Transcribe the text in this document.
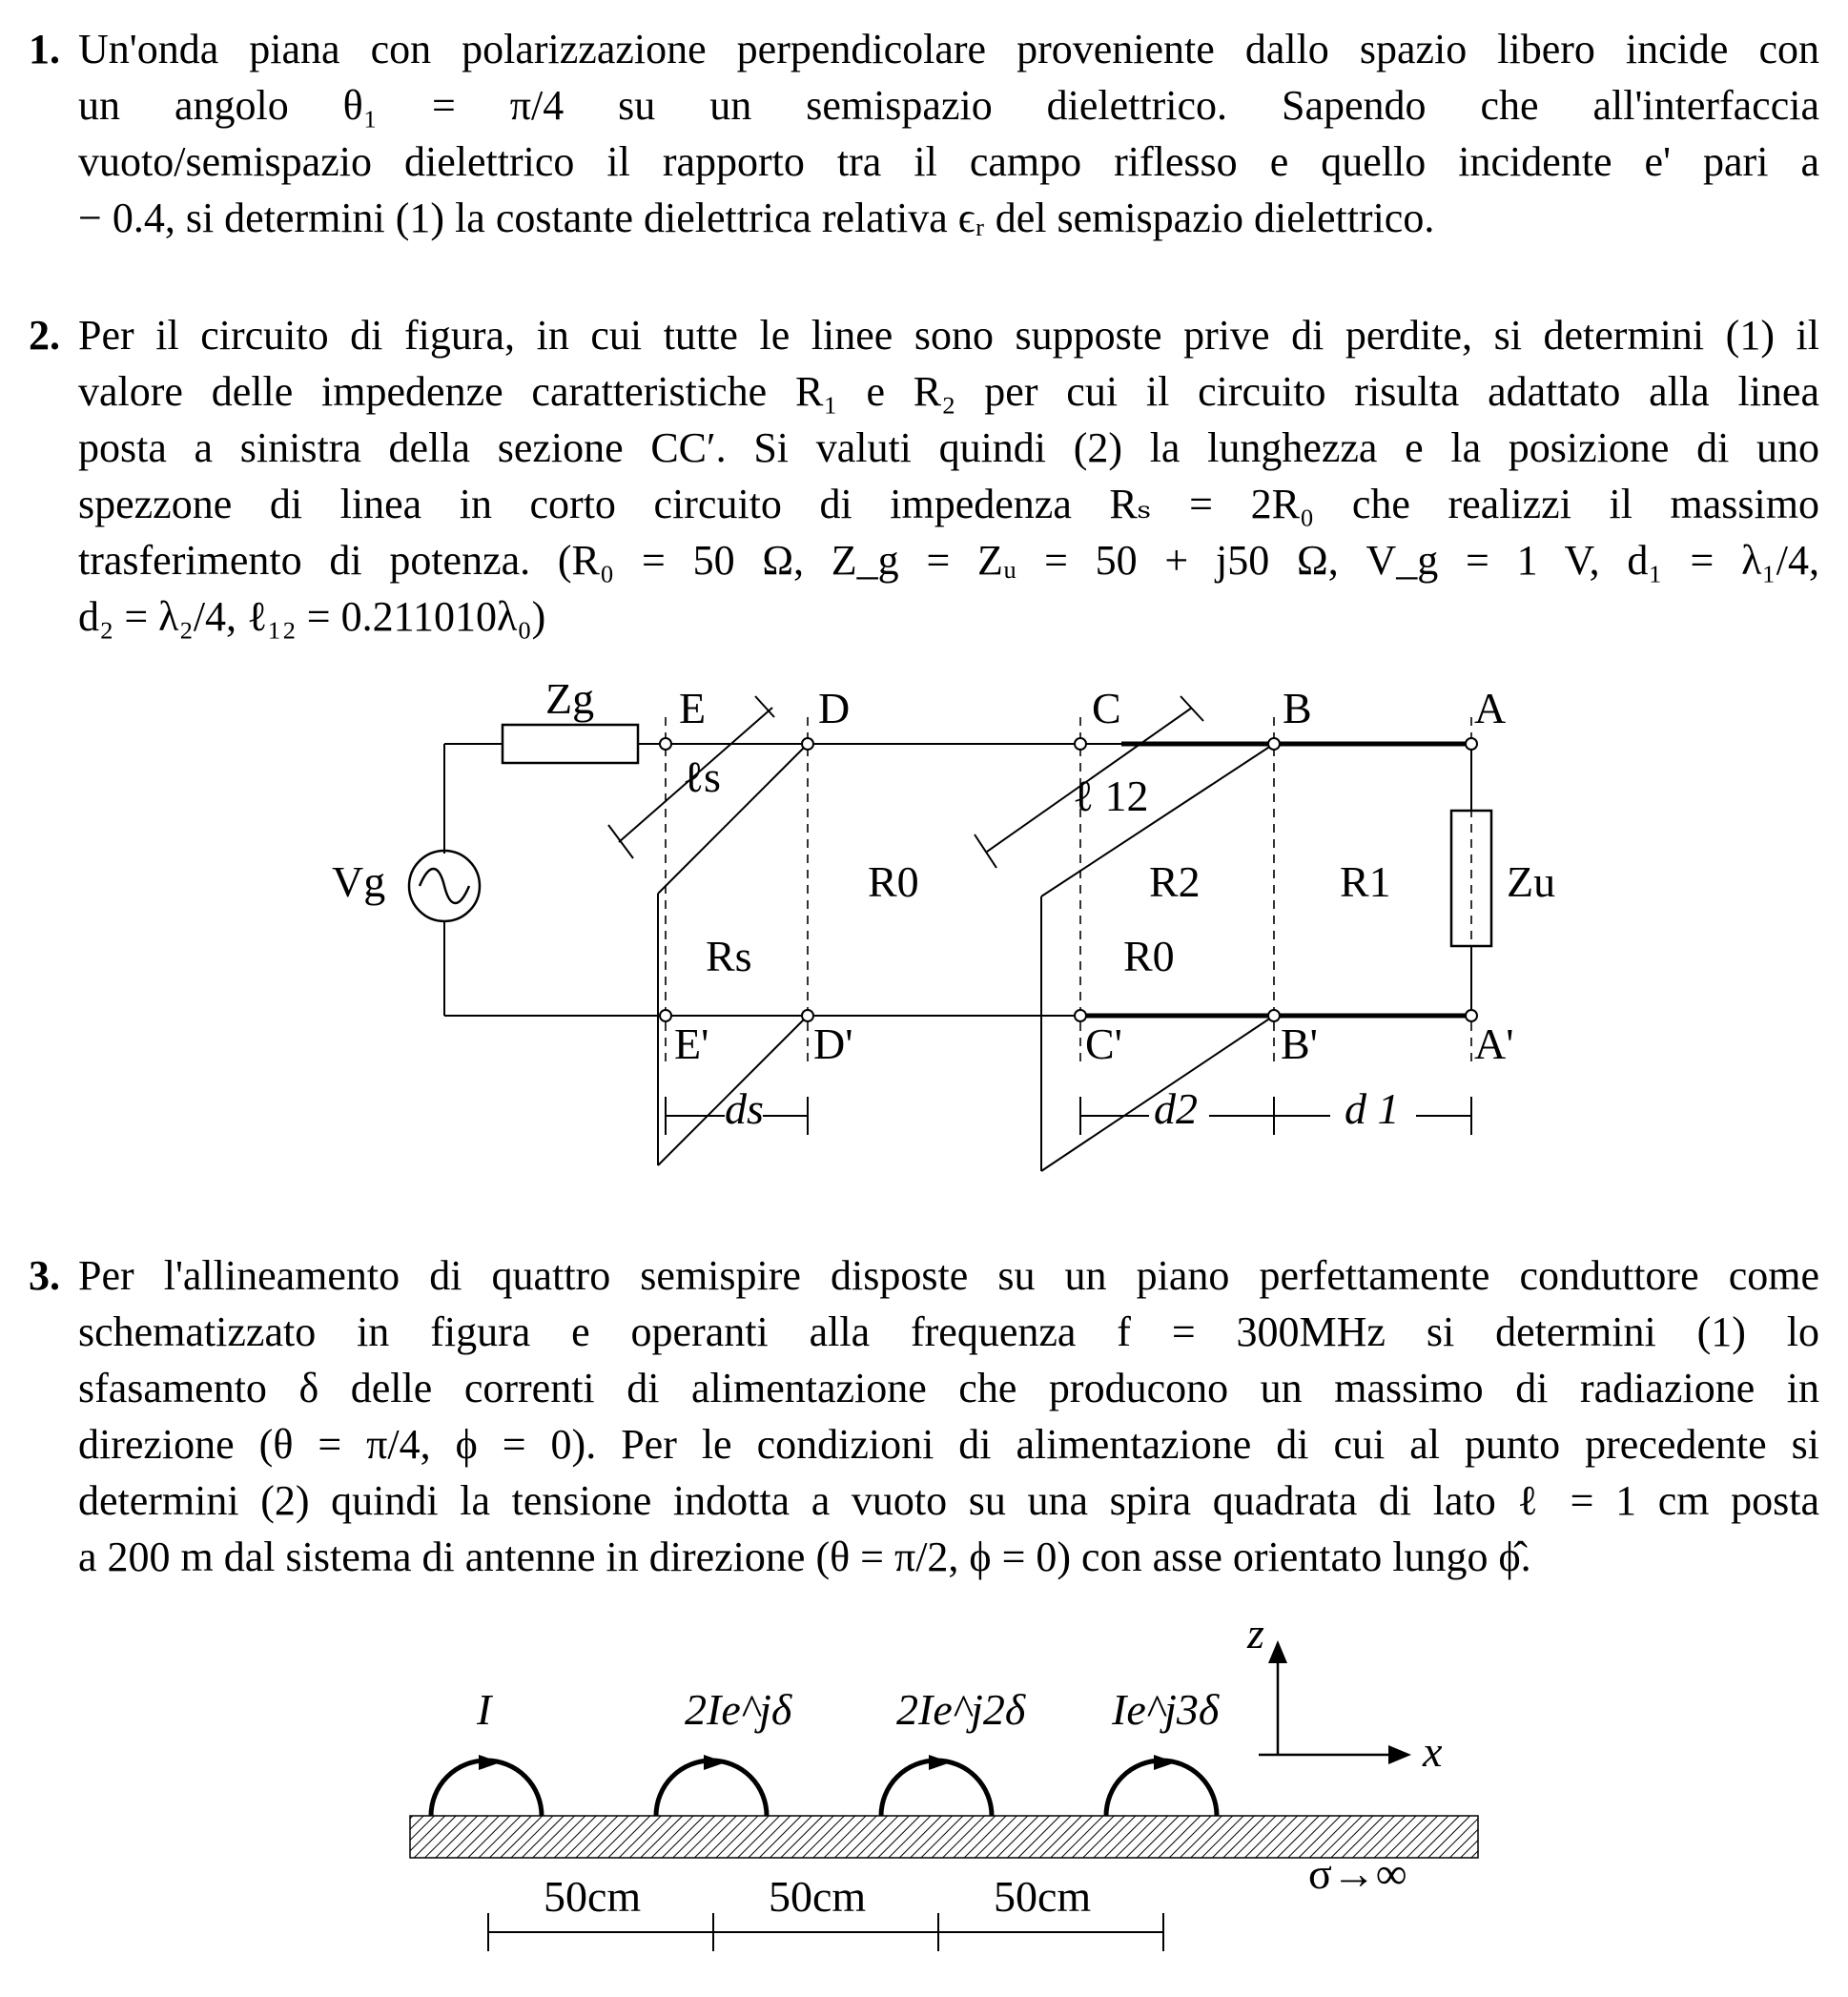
1. Un'onda piana con polarizzazione perpendicolare proveniente dallo spazio libero incide con
un angolo θ₁ = π/4 su un semispazio dielettrico. Sapendo che all'interfaccia
vuoto/semispazio dielettrico il rapporto tra il campo riflesso e quello incidente e' pari a
− 0.4, si determini (1) la costante dielettrica relativa ϵᵣ del semispazio dielettrico.
2. Per il circuito di figura, in cui tutte le linee sono supposte prive di perdite, si determini (1) il
valore delle impedenze caratteristiche R₁ e R₂ per cui il circuito risulta adattato alla linea
posta a sinistra della sezione CC′. Si valuti quindi (2) la lunghezza e la posizione di uno
spezzone di linea in corto circuito di impedenza Rₛ = 2R₀ che realizzi il massimo
trasferimento di potenza. (R₀ = 50 Ω, Z_g = Zᵤ = 50 + j50 Ω, V_g = 1 V, d₁ = λ₁/4,
d₂ = λ₂/4, ℓ₁₂ = 0.211010λ₀)
Zg
Vg	Zu
E	D	C	B	A
E' D'	C'	B'	A'
ℓs	ℓ 12
R0	R2	R1
R0
Rs
ds	d2	d 1
3. Per l'allineamento di quattro semispire disposte su un piano perfettamente conduttore come
schematizzato in figura e operanti alla frequenza f = 300MHz si determini (1) lo
sfasamento δ delle correnti di alimentazione che producono un massimo di radiazione in
direzione (θ = π/4, ϕ = 0). Per le condizioni di alimentazione di cui al punto precedente si
determini (2) quindi la tensione indotta a vuoto su una spira quadrata di lato ℓ = 1 cm posta
a 200 m dal sistema di antenne in direzione (θ = π/2, ϕ = 0) con asse orientato lungo ϕ̂.
I	2Ie^jδ 2Ie^j2δ Ie^j3δ
z
x
σ→∞
50cm	50cm	50cm
